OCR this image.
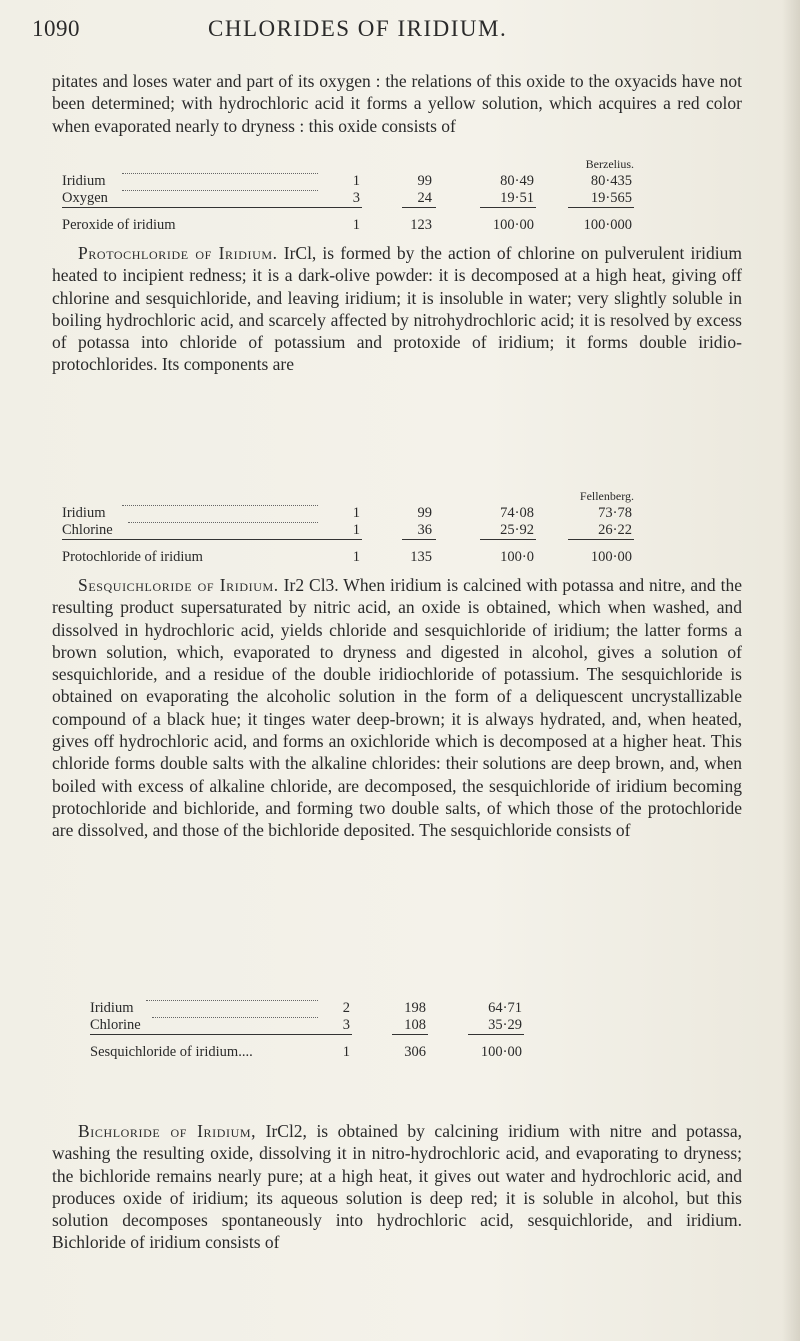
1090	CHLORIDES OF IRIDIUM.

pitates and loses water and part of its oxygen : the relations of this oxide to the oxyacids have not been determined; with hydrochloric acid it forms a yellow solution, which acquires a red color when evaporated nearly to dryness : this oxide consists of

Berzelius.
Iridium	1	99	80·49	80·435
Oxygen	3	24	19·51	19·565
Peroxide of iridium	1	123	100·00	100·000

Protochloride of Iridium. IrCl, is formed by the action of chlorine on pulverulent iridium heated to incipient redness; it is a dark-olive powder: it is decomposed at a high heat, giving off chlorine and sesquichloride, and leaving iridium; it is insoluble in water; very slightly soluble in boiling hydrochloric acid, and scarcely affected by nitrohydrochloric acid; it is resolved by excess of potassa into chloride of potassium and protoxide of iridium; it forms double iridio-protochlorides. Its components are

Fellenberg.
Iridium	1	99	74·08	73·78
Chlorine	1	36	25·92	26·22
Protochloride of iridium	1	135	100·0	100·00

Sesquichloride of Iridium. Ir2 Cl3. When iridium is calcined with potassa and nitre, and the resulting product supersaturated by nitric acid, an oxide is obtained, which when washed, and dissolved in hydrochloric acid, yields chloride and sesquichloride of iridium; the latter forms a brown solution, which, evaporated to dryness and digested in alcohol, gives a solution of sesquichloride, and a residue of the double iridiochloride of potassium. The sesquichloride is obtained on evaporating the alcoholic solution in the form of a deliquescent uncrystallizable compound of a black hue; it tinges water deep-brown; it is always hydrated, and, when heated, gives off hydrochloric acid, and forms an oxichloride which is decomposed at a higher heat. This chloride forms double salts with the alkaline chlorides: their solutions are deep brown, and, when boiled with excess of alkaline chloride, are decomposed, the sesquichloride of iridium becoming protochloride and bichloride, and forming two double salts, of which those of the protochloride are dissolved, and those of the bichloride deposited. The sesquichloride consists of

Iridium	2	198	64·71
Chlorine	3	108	35·29
Sesquichloride of iridium....	1	306	100·00

Bichloride of Iridium, IrCl2, is obtained by calcining iridium with nitre and potassa, washing the resulting oxide, dissolving it in nitro-hydrochloric acid, and evaporating to dryness; the bichloride remains nearly pure; at a high heat, it gives out water and hydrochloric acid, and produces oxide of iridium; its aqueous solution is deep red; it is soluble in alcohol, but this solution decomposes spontaneously into hydrochloric acid, sesquichloride, and iridium. Bichloride of iridium consists of
